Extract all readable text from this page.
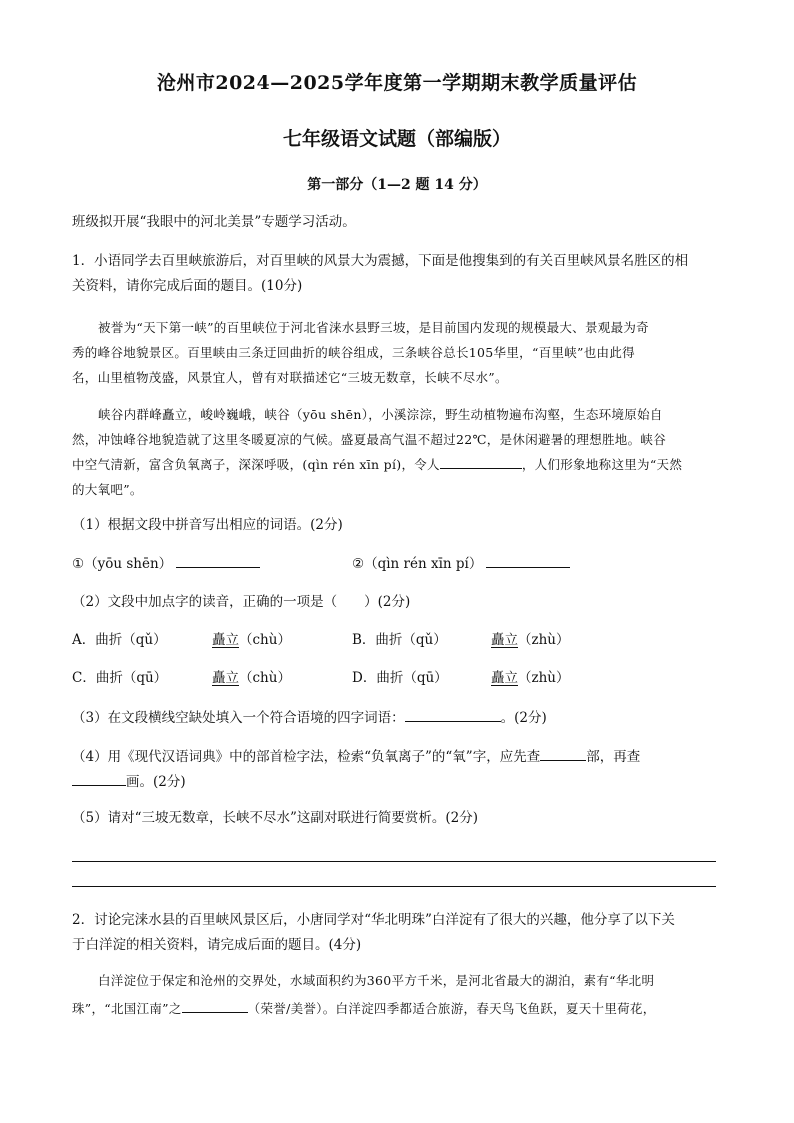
沧州市2024—2025学年度第一学期期末教学质量评估
七年级语文试题（部编版）
第一部分（1—2 题 14 分）
班级拟开展“我眼中的河北美景”专题学习活动。
1．小语同学去百里峡旅游后，对百里峡的风景大为震撼，下面是他搜集到的有关百里峡风景名胜区的相
关资料，请你完成后面的题目。(10分)
被誉为“天下第一峡”的百里峡位于河北省涞水县野三坡，是目前国内发现的规模最大、景观最为奇
秀的峰谷地貌景区。百里峡由三条迂回曲折的峡谷组成，三条峡谷总长105华里，“百里峡”也由此得
名，山里植物茂盛，风景宜人，曾有对联描述它“三坡无数章，长峡不尽水”。
峡谷内群峰矗立，峻岭巍峨，峡谷（yōu shēn），小溪淙淙，野生动植物遍布沟壑，生态环境原始自
然，冲蚀峰谷地貌造就了这里冬暖夏凉的气候。盛夏最高气温不超过22℃，是休闲避暑的理想胜地。峡谷
中空气清新，富含负氧离子，深深呼吸，(qìn rén xīn pí)，令人	，人们形象地称这里为“天然
的大氧吧”。
（1）根据文段中拼音写出相应的词语。(2分)
①（yōu shēn）	②（qìn rén xīn pí）
（2）文段中加点字的读音，正确的一项是（　　）(2分)
A．曲折（qǔ）	矗立（chù）	B．曲折（qǔ）	矗立（zhù）
C．曲折（qū）	矗立（chù）	D．曲折（qū）	矗立（zhù）
（3）在文段横线空缺处填入一个符合语境的四字词语：	。(2分)
（4）用《现代汉语词典》中的部首检字法，检索“负氧离子”的“氧”字，应先查	部，再查
画。(2分)
（5）请对“三坡无数章，长峡不尽水”这副对联进行简要赏析。(2分)
2．讨论完涞水县的百里峡风景区后，小唐同学对“华北明珠”白洋淀有了很大的兴趣，他分享了以下关
于白洋淀的相关资料，请完成后面的题目。(4分)
白洋淀位于保定和沧州的交界处，水域面积约为360平方千米，是河北省最大的湖泊，素有“华北明
珠”，“北国江南”之	（荣誉/美誉）。白洋淀四季都适合旅游，春天鸟飞鱼跃，夏天十里荷花，
